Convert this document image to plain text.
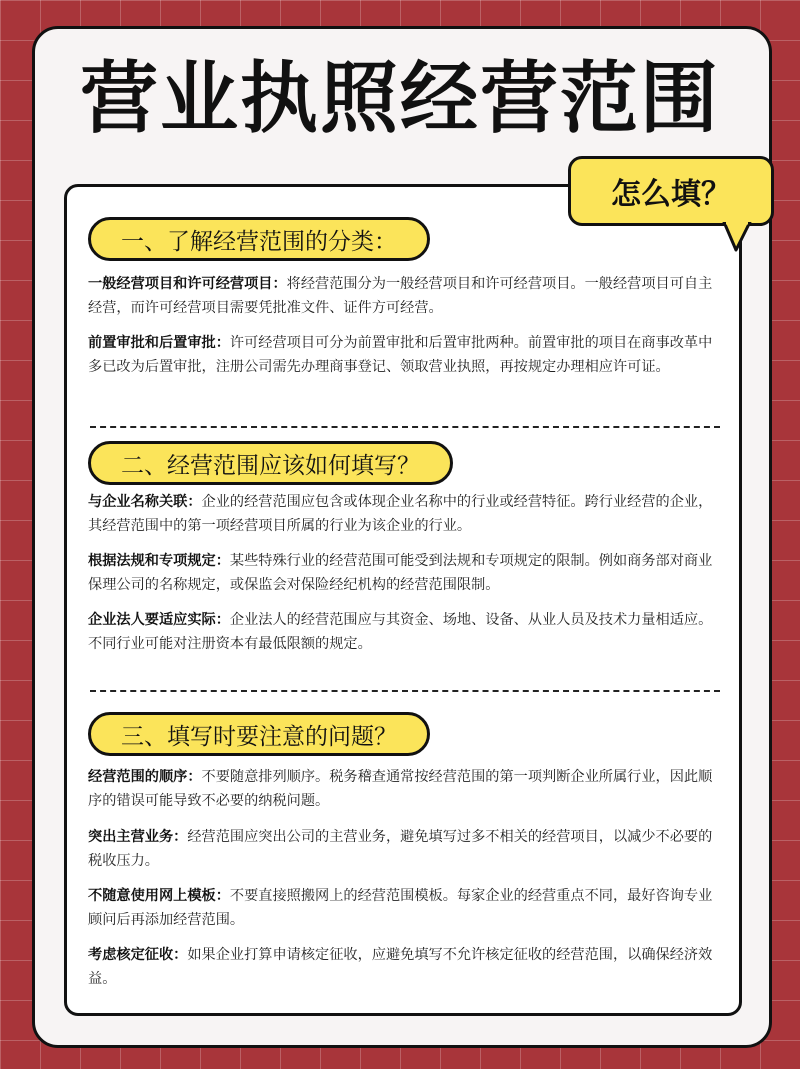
营业执照经营范围
怎么填？
一、了解经营范围的分类：
一般经营项目和许可经营项目：将经营范围分为一般经营项目和许可经营项目。一般经营项目可自主经营，而许可经营项目需要凭批准文件、证件方可经营。
前置审批和后置审批：许可经营项目可分为前置审批和后置审批两种。前置审批的项目在商事改革中多已改为后置审批，注册公司需先办理商事登记、领取营业执照，再按规定办理相应许可证。
二、经营范围应该如何填写？
与企业名称关联：企业的经营范围应包含或体现企业名称中的行业或经营特征。跨行业经营的企业，其经营范围中的第一项经营项目所属的行业为该企业的行业。
根据法规和专项规定：某些特殊行业的经营范围可能受到法规和专项规定的限制。例如商务部对商业保理公司的名称规定，或保监会对保险经纪机构的经营范围限制。
企业法人要适应实际：企业法人的经营范围应与其资金、场地、设备、从业人员及技术力量相适应。不同行业可能对注册资本有最低限额的规定。
三、填写时要注意的问题？
经营范围的顺序：不要随意排列顺序。税务稽查通常按经营范围的第一项判断企业所属行业，因此顺序的错误可能导致不必要的纳税问题。
突出主营业务：经营范围应突出公司的主营业务，避免填写过多不相关的经营项目，以减少不必要的税收压力。
不随意使用网上模板：不要直接照搬网上的经营范围模板。每家企业的经营重点不同，最好咨询专业顾问后再添加经营范围。
考虑核定征收：如果企业打算申请核定征收，应避免填写不允许核定征收的经营范围，以确保经济效益。
